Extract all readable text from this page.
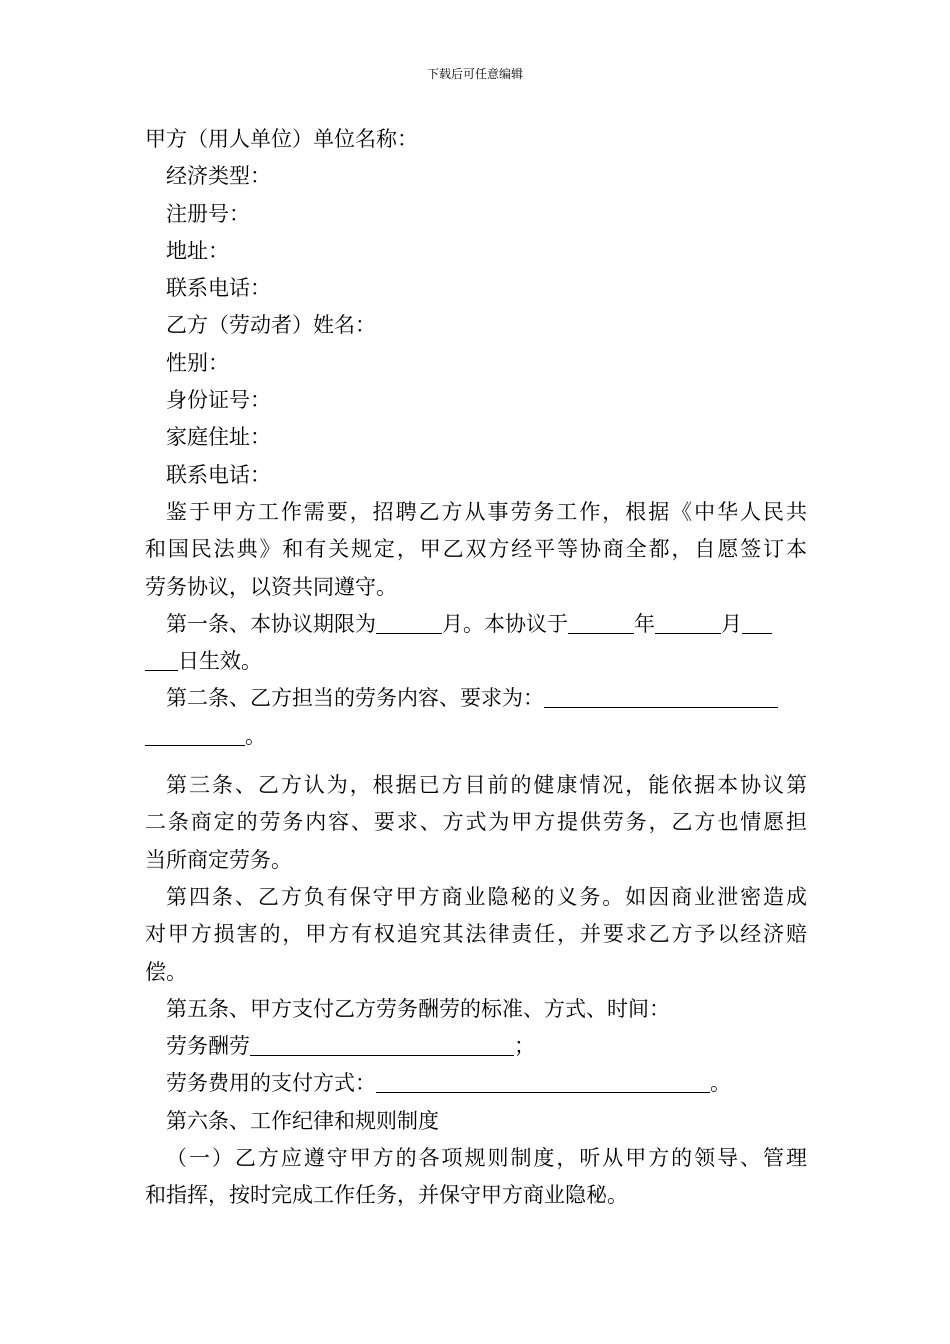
下载后可任意编辑
甲方（用人单位）单位名称：
经济类型：
注册号：
地址：
联系电话：
乙方（劳动者）姓名：
性别：
身份证号：
家庭住址：
联系电话：
鉴于甲方工作需要，招聘乙方从事劳务工作，根据《中华人民共
和国民法典》和有关规定，甲乙双方经平等协商全都，自愿签订本
劳务协议，以资共同遵守。
第一条、本协议期限为	月。本协议于	年	月
日生效。
第二条、乙方担当的劳务内容、要求为：
。
第三条、乙方认为，根据已方目前的健康情况，能依据本协议第
二条商定的劳务内容、要求、方式为甲方提供劳务，乙方也情愿担
当所商定劳务。
第四条、乙方负有保守甲方商业隐秘的义务。如因商业泄密造成
对甲方损害的，甲方有权追究其法律责任，并要求乙方予以经济赔
偿。
第五条、甲方支付乙方劳务酬劳的标准、方式、时间：
劳务酬劳	；
劳务费用的支付方式：	。
第六条、工作纪律和规则制度
（一）乙方应遵守甲方的各项规则制度，听从甲方的领导、管理
和指挥，按时完成工作任务，并保守甲方商业隐秘。
